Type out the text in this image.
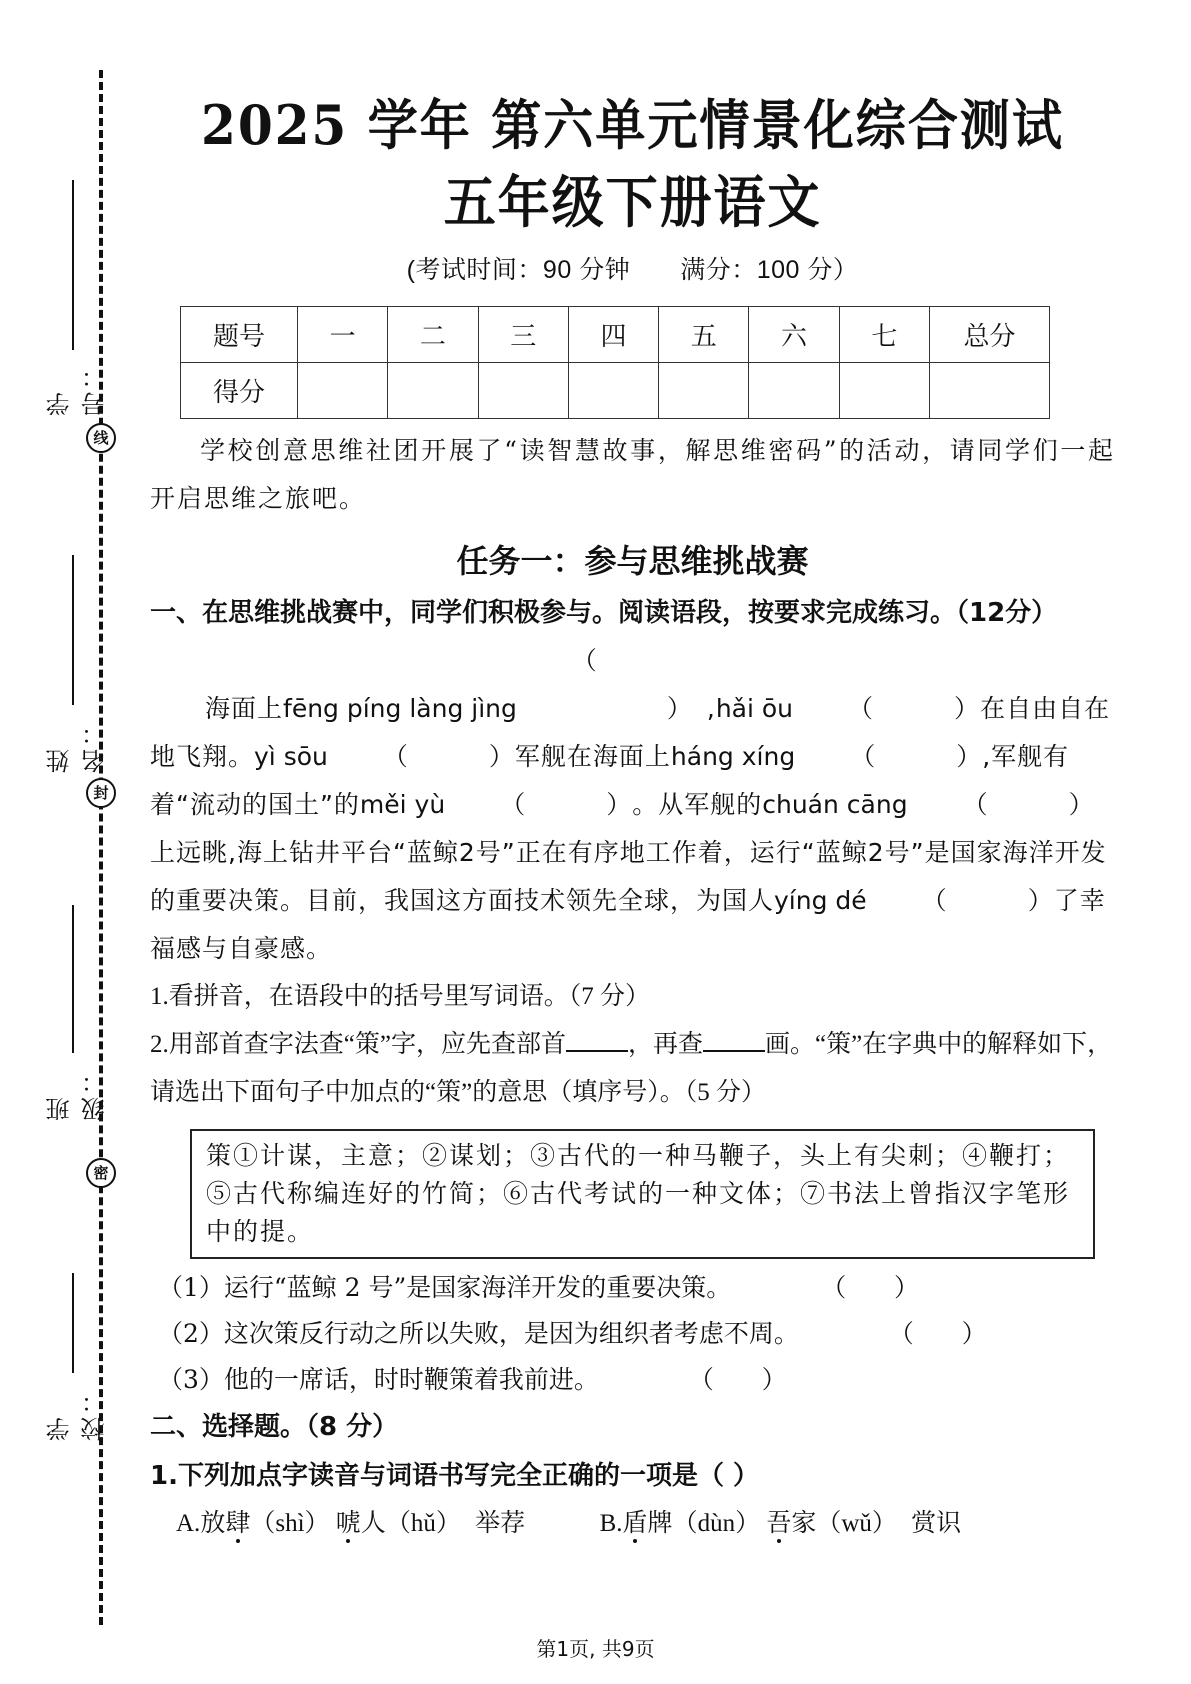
线
封
密
学号：
姓名：
班级：
学校：
2025 学年 第六单元情景化综合测试
五年级下册语文
(考试时间：90 分钟 满分：100 分）
题号	一	二	三	四	五	六	七	总分
得分								
学校创意思维社团开展了“读智慧故事，解思维密码”的活动，请同学们一起开启思维之旅吧。
任务一：参与思维挑战赛
一、在思维挑战赛中，同学们积极参与。阅读语段，按要求完成练习。（12分）
海面上fēng píng làng jìng（） ,hǎi ōu （	）在自由自在地飞翔。yì sōu （	）军舰在海面上háng xíng （	）,军舰有着“流动的国土”的měi yù （	）。从军舰的chuán cāng （	）上远眺,海上钻井平台“蓝鲸2号”正在有序地工作着，运行“蓝鲸2号”是国家海洋开发的重要决策。目前，我国这方面技术领先全球，为国人yíng dé （	）了幸福感与自豪感。
1.看拼音，在语段中的括号里写词语。（7 分）
2.用部首查字法查“策”字，应先查部首 ，再查 画。“策”在字典中的解释如下，请选出下面句子中加点的“策”的意思（填序号）。（5 分）
策①计谋，主意；②谋划；③古代的一种马鞭子，头上有尖刺；④鞭打；⑤古代称编连好的竹简；⑥古代考试的一种文体；⑦书法上曾指汉字笔形中的提。
（1）运行“蓝鲸 2 号”是国家海洋开发的重要决策。	（      ）
（2）这次策反行动之所以失败，是因为组织者考虑不周。	（      ）
（3）他的一席话，时时鞭策着我前进。	（      ）
二、选择题。（8 分）
1.下列加点字读音与词语书写完全正确的一项是（ ）
A.放肆（shì） 唬人（hǔ） 举荐	B.盾牌（dùn） 吾家（wǔ） 赏识
第1页, 共9页
